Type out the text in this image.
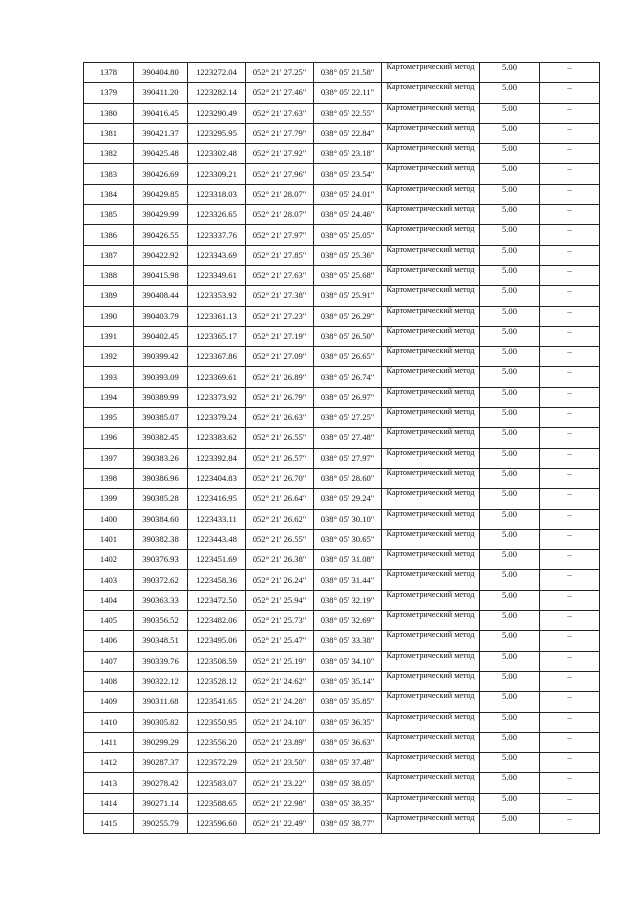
1378	390404.80	1223272.04	052° 21' 27.25"	038° 05' 21.58"	Картометрический метод	5.00	–
1379	390411.20	1223282.14	052° 21' 27.46"	038° 05' 22.11"	Картометрический метод	5.00	–
1380	390416.45	1223290.49	052° 21' 27.63"	038° 05' 22.55"	Картометрический метод	5.00	–
1381	390421.37	1223295.95	052° 21' 27.79"	038° 05' 22.84"	Картометрический метод	5.00	–
1382	390425.48	1223302.48	052° 21' 27.92"	038° 05' 23.18"	Картометрический метод	5.00	–
1383	390426.69	1223309.21	052° 21' 27.96"	038° 05' 23.54"	Картометрический метод	5.00	–
1384	390429.85	1223318.03	052° 21' 28.07"	038° 05' 24.01"	Картометрический метод	5.00	–
1385	390429.99	1223326.65	052° 21' 28.07"	038° 05' 24.46"	Картометрический метод	5.00	–
1386	390426.55	1223337.76	052° 21' 27.97"	038° 05' 25.05"	Картометрический метод	5.00	–
1387	390422.92	1223343.69	052° 21' 27.85"	038° 05' 25.36"	Картометрический метод	5.00	–
1388	390415.98	1223349.61	052° 21' 27.63"	038° 05' 25.68"	Картометрический метод	5.00	–
1389	390408.44	1223353.92	052° 21' 27.38"	038° 05' 25.91"	Картометрический метод	5.00	–
1390	390403.79	1223361.13	052° 21' 27.23"	038° 05' 26.29"	Картометрический метод	5.00	–
1391	390402.45	1223365.17	052° 21' 27.19"	038° 05' 26.50"	Картометрический метод	5.00	–
1392	390399.42	1223367.86	052° 21' 27.09"	038° 05' 26.65"	Картометрический метод	5.00	–
1393	390393.09	1223369.61	052° 21' 26.89"	038° 05' 26.74"	Картометрический метод	5.00	–
1394	390389.99	1223373.92	052° 21' 26.79"	038° 05' 26.97"	Картометрический метод	5.00	–
1395	390385.07	1223379.24	052° 21' 26.63"	038° 05' 27.25"	Картометрический метод	5.00	–
1396	390382.45	1223383.62	052° 21' 26.55"	038° 05' 27.48"	Картометрический метод	5.00	–
1397	390383.26	1223392.84	052° 21' 26.57"	038° 05' 27.97"	Картометрический метод	5.00	–
1398	390386.96	1223404.83	052° 21' 26.70"	038° 05' 28.60"	Картометрический метод	5.00	–
1399	390385.28	1223416.95	052° 21' 26.64"	038° 05' 29.24"	Картометрический метод	5.00	–
1400	390384.60	1223433.11	052° 21' 26.62"	038° 05' 30.10"	Картометрический метод	5.00	–
1401	390382.38	1223443.48	052° 21' 26.55"	038° 05' 30.65"	Картометрический метод	5.00	–
1402	390376.93	1223451.69	052° 21' 26.38"	038° 05' 31.08"	Картометрический метод	5.00	–
1403	390372.62	1223458.36	052° 21' 26.24"	038° 05' 31.44"	Картометрический метод	5.00	–
1404	390363.33	1223472.50	052° 21' 25.94"	038° 05' 32.19"	Картометрический метод	5.00	–
1405	390356.52	1223482.06	052° 21' 25.73"	038° 05' 32.69"	Картометрический метод	5.00	–
1406	390348.51	1223495.06	052° 21' 25.47"	038° 05' 33.38"	Картометрический метод	5.00	–
1407	390339.76	1223508.59	052° 21' 25.19"	038° 05' 34.10"	Картометрический метод	5.00	–
1408	390322.12	1223528.12	052° 21' 24.62"	038° 05' 35.14"	Картометрический метод	5.00	–
1409	390311.68	1223541.65	052° 21' 24.28"	038° 05' 35.85"	Картометрический метод	5.00	–
1410	390305.82	1223550.95	052° 21' 24.10"	038° 05' 36.35"	Картометрический метод	5.00	–
1411	390299.29	1223556.20	052° 21' 23.89"	038° 05' 36.63"	Картометрический метод	5.00	–
1412	390287.37	1223572.29	052° 21' 23.50"	038° 05' 37.48"	Картометрический метод	5.00	–
1413	390278.42	1223583.07	052° 21' 23.22"	038° 05' 38.05"	Картометрический метод	5.00	–
1414	390271.14	1223588.65	052° 21' 22.98"	038° 05' 38.35"	Картометрический метод	5.00	–
1415	390255.79	1223596.60	052° 21' 22.49"	038° 05' 38.77"	Картометрический метод	5.00	–
